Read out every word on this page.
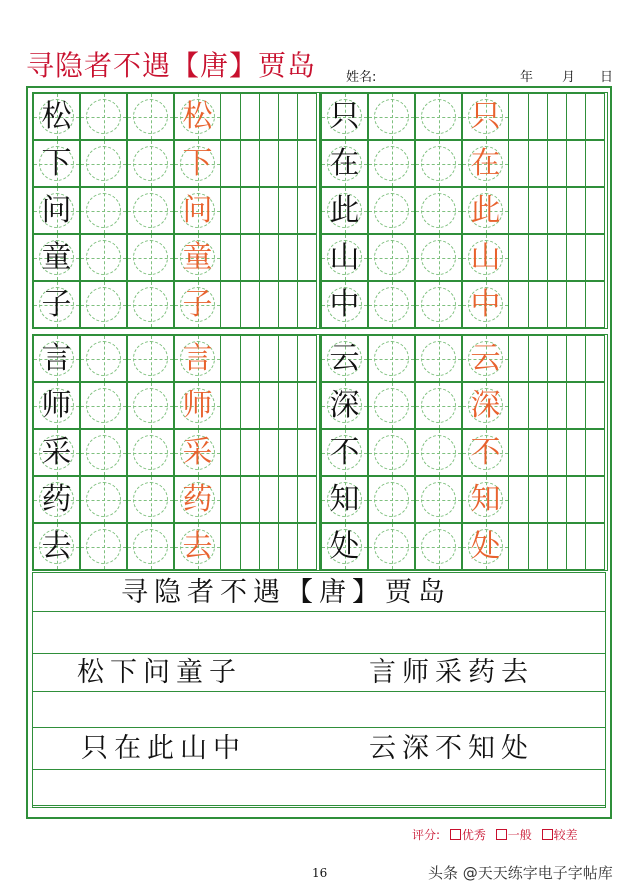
寻隐者不遇【唐】贾岛 姓名:	年 月 日
松	松
下	下
问	问
童	童
子	子
只	只
在	在
此	此
山	山
中	中
言	言
师	师
采	采
药	药
去	去
云	云
深	深
不	不
知	知
处	处
寻隐者不遇【唐】贾岛
松下问童子	言师采药去
只在此山中	云深不知处
评分: 优秀 一般 较差
16	头条 @天天练字电子字帖库
